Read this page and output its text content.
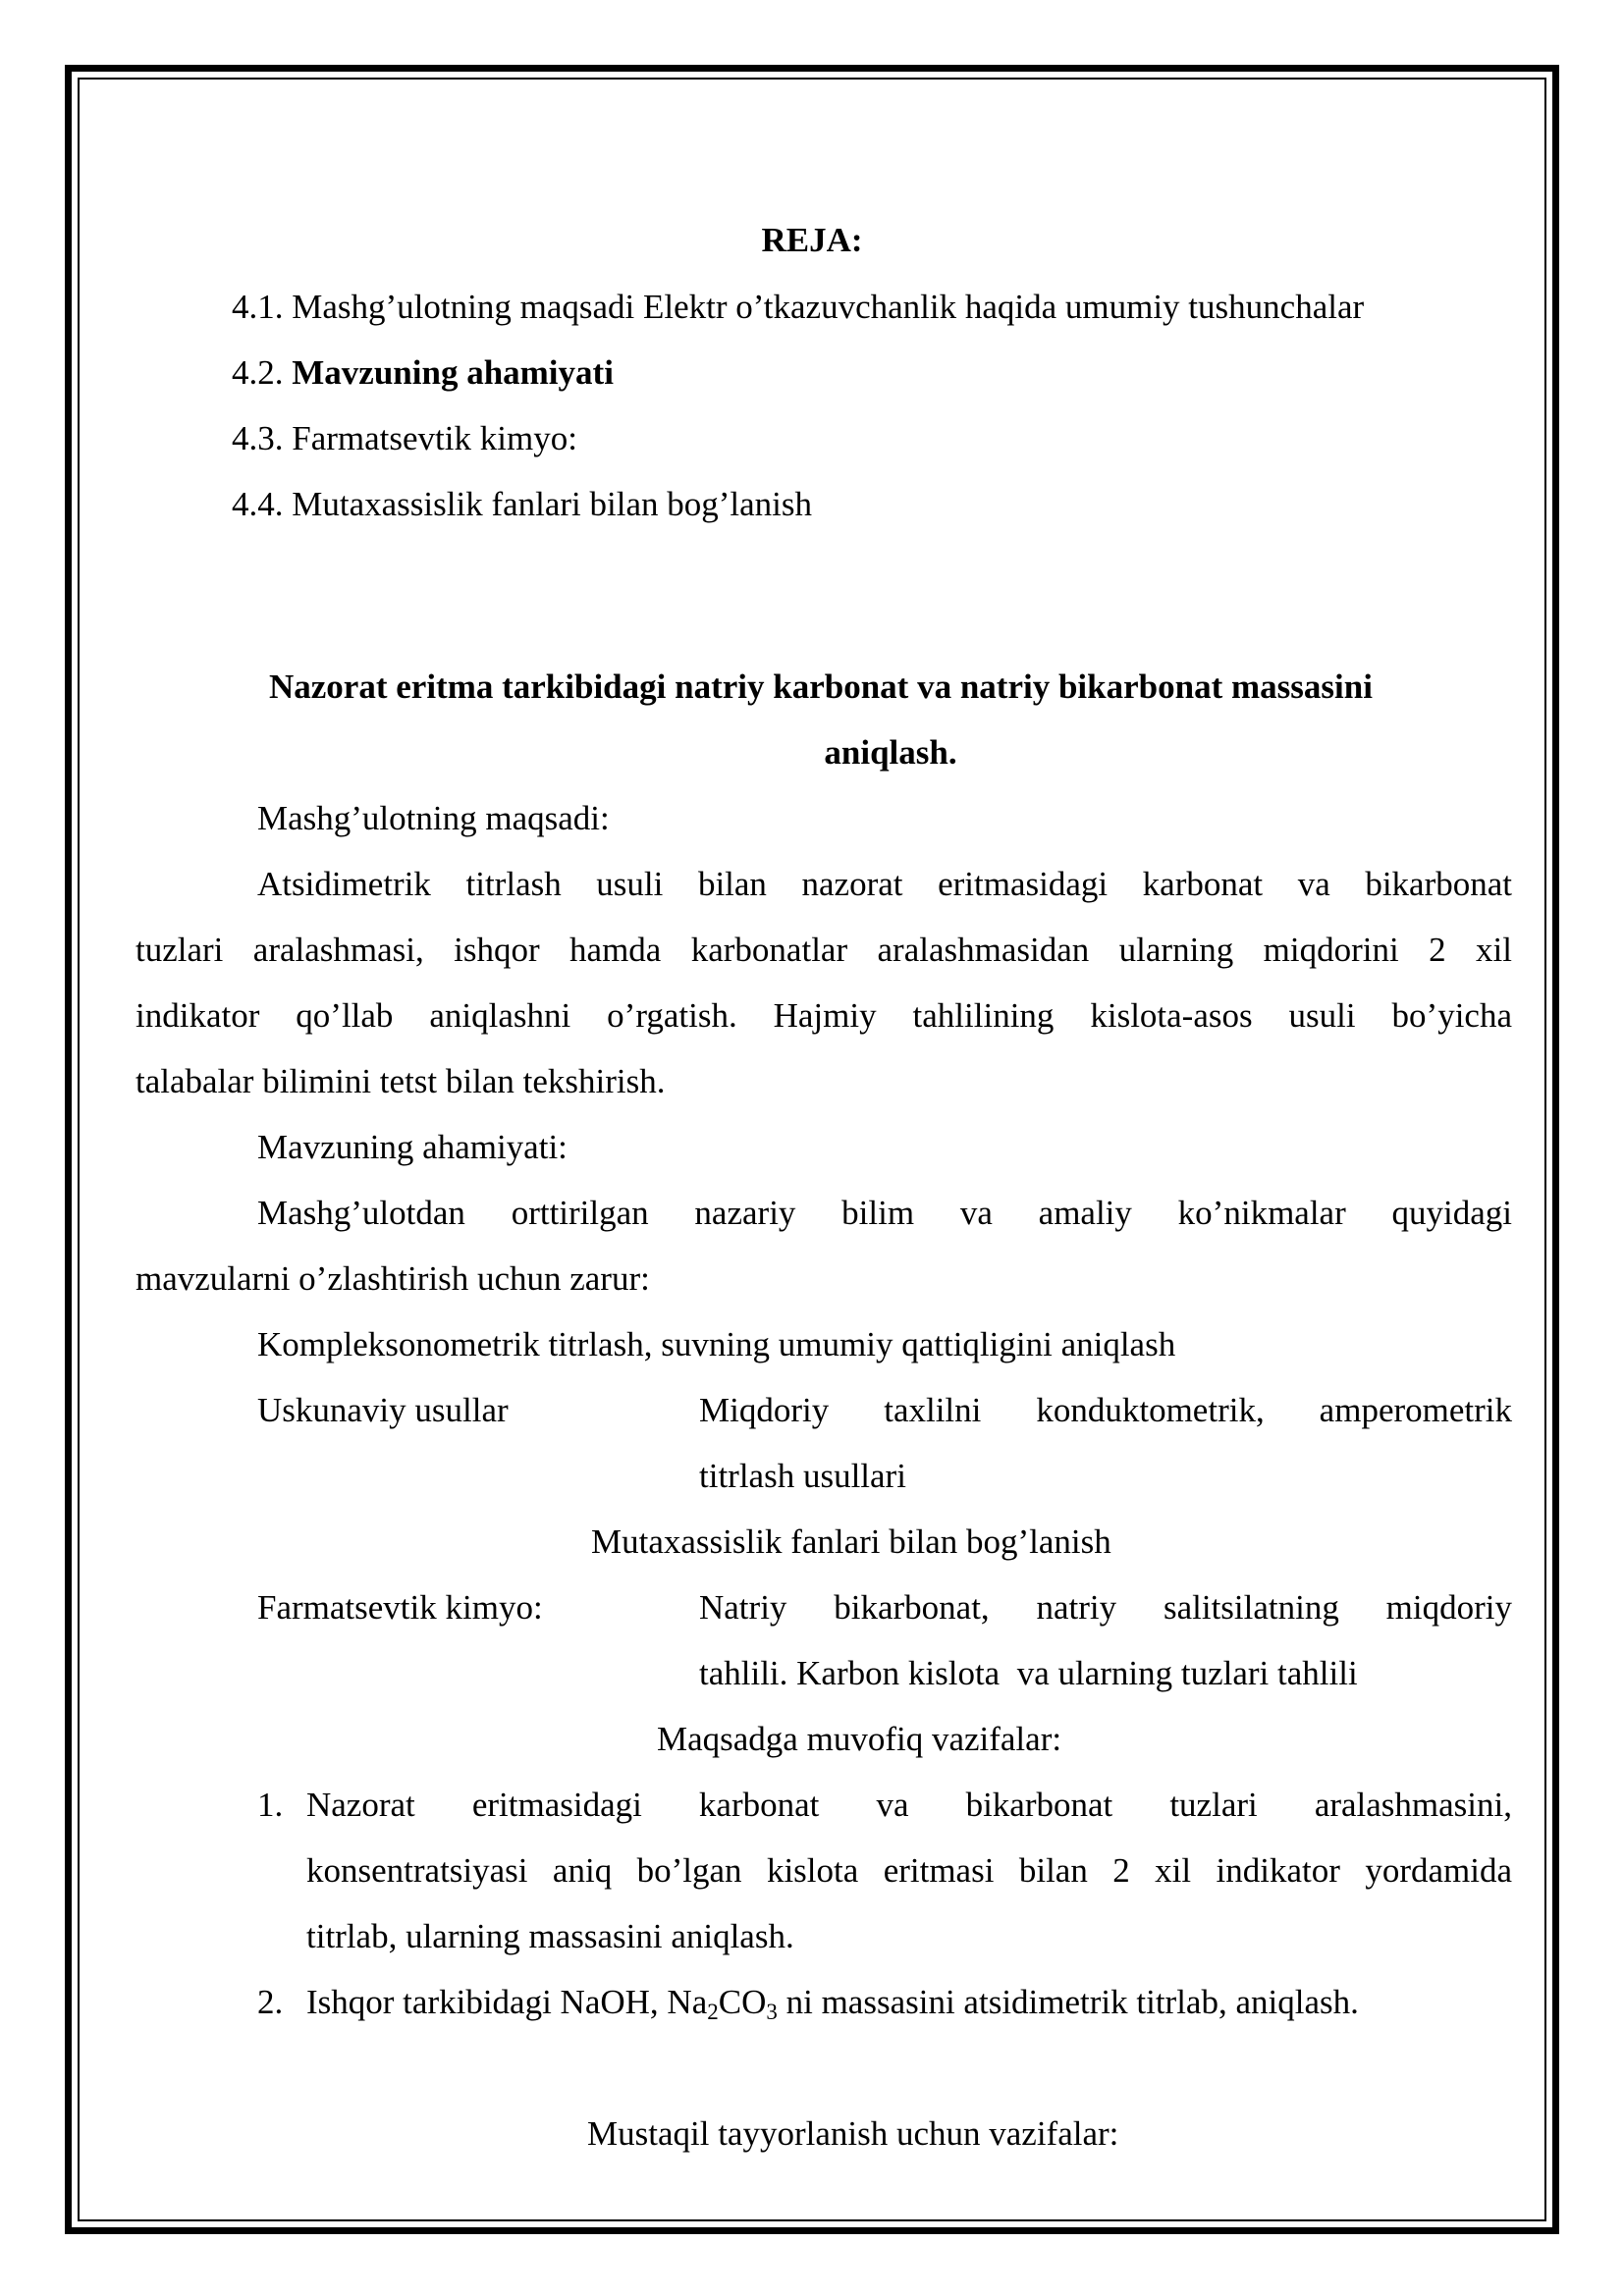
REJA:
4.1. Mashg’ulotning maqsadi Elektr o’tkazuvchanlik haqida umumiy tushunchalar
4.2. Mavzuning ahamiyati
4.3. Farmatsevtik kimyo:
4.4. Mutaxassislik fanlari bilan bog’lanish
Nazorat eritma tarkibidagi natriy karbonat va natriy bikarbonat massasini
aniqlash.
Mashg’ulotning maqsadi:
Atsidimetrik titrlash usuli bilan nazorat eritmasidagi karbonat va bikarbonat
tuzlari aralashmasi, ishqor hamda karbonatlar aralashmasidan ularning miqdorini 2 xil
indikator qo’llab aniqlashni o’rgatish. Hajmiy tahlilining kislota-asos usuli bo’yicha
talabalar bilimini tetst bilan tekshirish.
Mavzuning ahamiyati:
Mashg’ulotdan orttirilgan nazariy bilim va amaliy ko’nikmalar quyidagi
mavzularni o’zlashtirish uchun zarur:
Kompleksonometrik titrlash, suvning umumiy qattiqligini aniqlash
Uskunaviy usullar	Miqdoriy taxlilni konduktometrik, amperometrik
titrlash usullari
Mutaxassislik fanlari bilan bog’lanish
Farmatsevtik kimyo:	Natriy bikarbonat, natriy salitsilatning miqdoriy
tahlili. Karbon kislota  va ularning tuzlari tahlili
Maqsadga muvofiq vazifalar:
1. Nazorat eritmasidagi karbonat va bikarbonat tuzlari aralashmasini,
konsentratsiyasi aniq bo’lgan kislota eritmasi bilan 2 xil indikator yordamida
titrlab, ularning massasini aniqlash.
2. Ishqor tarkibidagi NaOH, $Na_2CO_3$ ni massasini atsidimetrik titrlab, aniqlash.
Mustaqil tayyorlanish uchun vazifalar:
